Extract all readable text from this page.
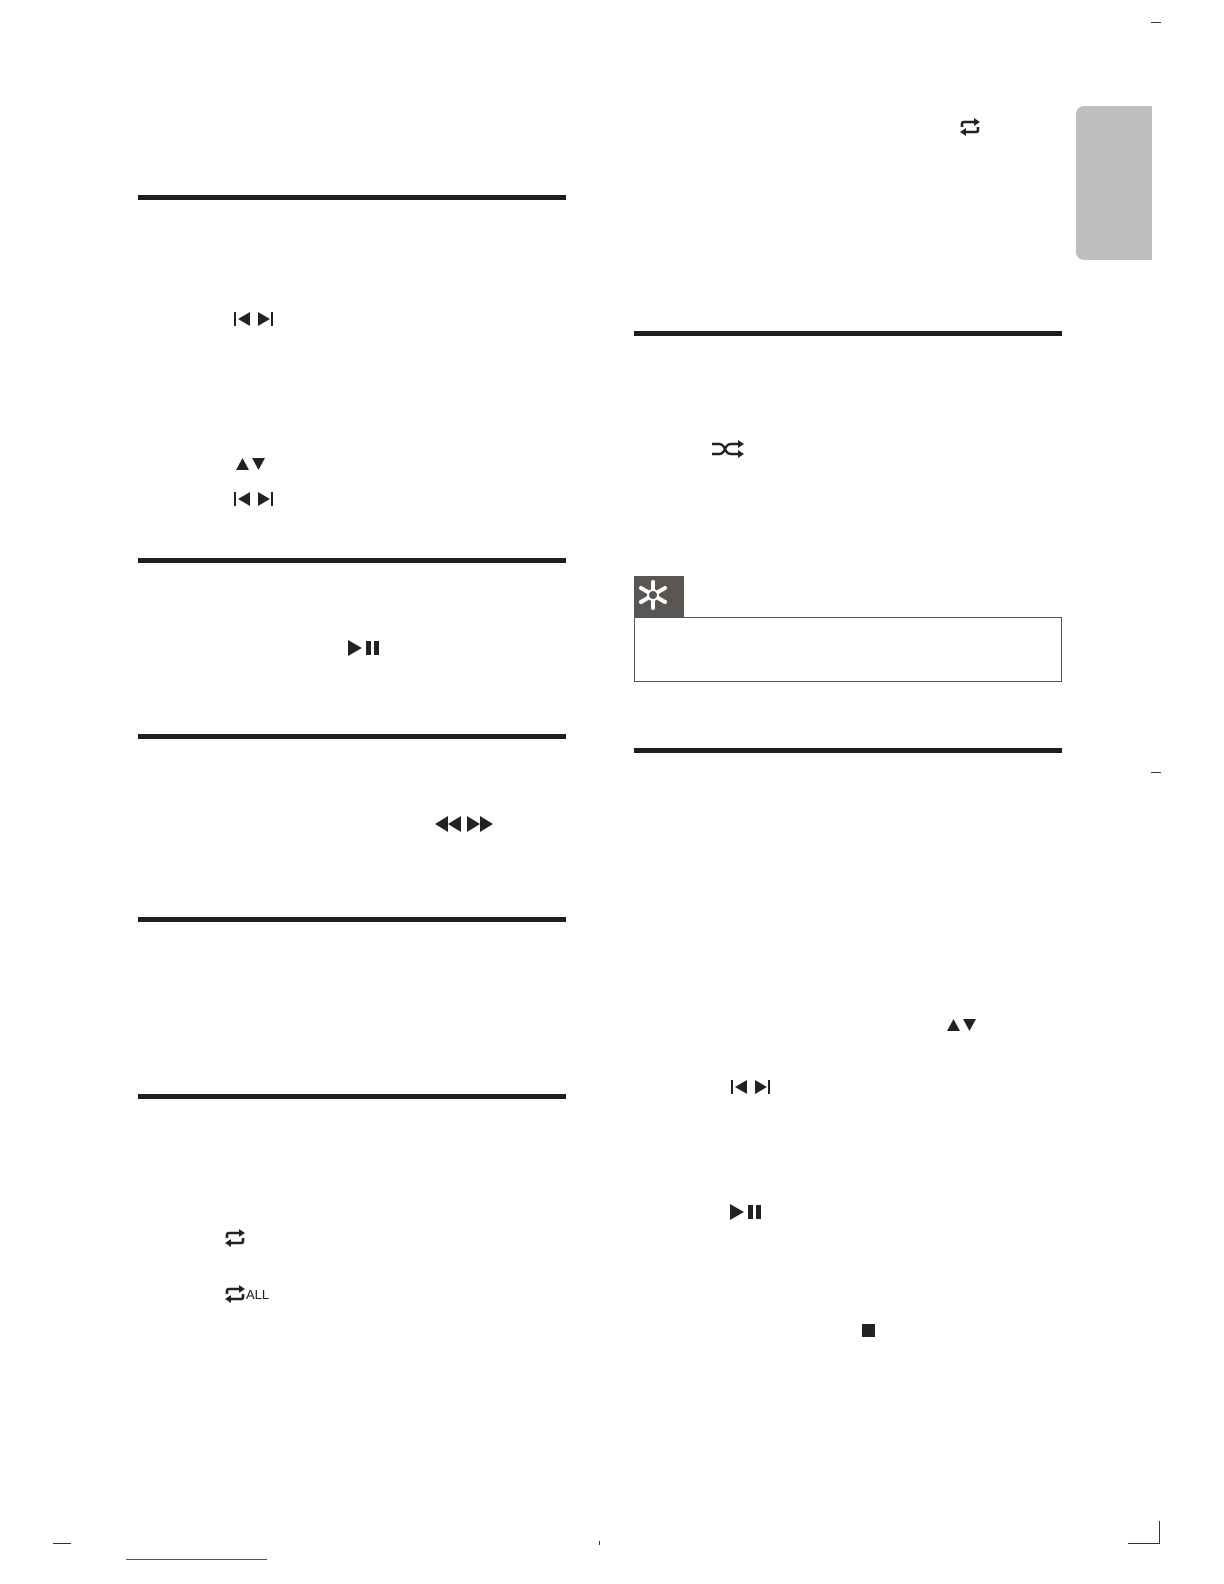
ALL
